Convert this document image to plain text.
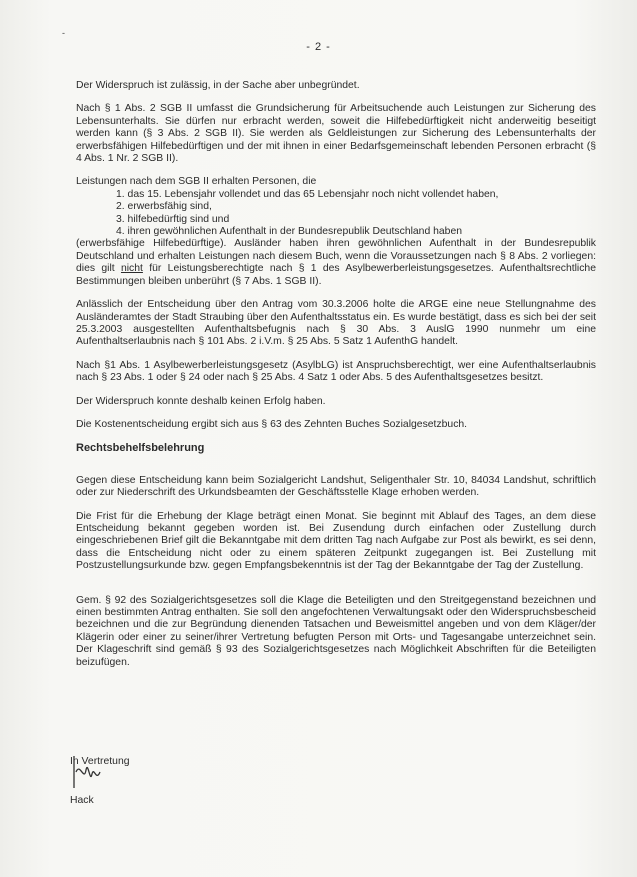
-
- 2 -

Der Widerspruch ist zulässig, in der Sache aber unbegründet.

Nach § 1 Abs. 2 SGB II umfasst die Grundsicherung für Arbeitsuchende auch Leistungen zur Sicherung des Lebensunterhalts. Sie dürfen nur erbracht werden, soweit die Hilfebedürftigkeit nicht anderweitig beseitigt werden kann (§ 3 Abs. 2 SGB II). Sie werden als Geldleistungen zur Sicherung des Lebensunterhalts der erwerbsfähigen Hilfebedürftigen und der mit ihnen in einer Bedarfsgemeinschaft lebenden Personen erbracht (§ 4 Abs. 1 Nr. 2 SGB II).

Leistungen nach dem SGB II erhalten Personen, die
1. das 15. Lebensjahr vollendet und das 65 Lebensjahr noch nicht vollendet haben,
2. erwerbsfähig sind,
3. hilfebedürftig sind und
4. ihren gewöhnlichen Aufenthalt in der Bundesrepublik Deutschland haben

(erwerbsfähige Hilfebedürftige). Ausländer haben ihren gewöhnlichen Aufenthalt in der Bundesrepublik Deutschland und erhalten Leistungen nach diesem Buch, wenn die Voraussetzungen nach § 8 Abs. 2 vorliegen: dies gilt nicht für Leistungsberechtigte nach § 1 des Asylbewerberleistungsgesetzes. Aufenthaltsrechtliche Bestimmungen bleiben unberührt (§ 7 Abs. 1 SGB II).

Anlässlich der Entscheidung über den Antrag vom 30.3.2006 holte die ARGE eine neue Stellungnahme des Ausländeramtes der Stadt Straubing über den Aufenthaltsstatus ein. Es wurde bestätigt, dass es sich bei der seit 25.3.2003 ausgestellten Aufenthaltsbefugnis nach § 30 Abs. 3 AuslG 1990 nunmehr um eine Aufenthaltserlaubnis nach § 101 Abs. 2 i.V.m. § 25 Abs. 5 Satz 1 AufenthG handelt.

Nach §1 Abs. 1 Asylbewerberleistungsgesetz (AsylbLG) ist Anspruchsberechtigt, wer eine Aufenthaltserlaubnis nach § 23 Abs. 1 oder § 24 oder nach § 25 Abs. 4 Satz 1 oder Abs. 5 des Aufenthaltsgesetzes besitzt.

Der Widerspruch konnte deshalb keinen Erfolg haben.

Die Kostenentscheidung ergibt sich aus § 63 des Zehnten Buches Sozialgesetzbuch.

Rechtsbehelfsbelehrung

Gegen diese Entscheidung kann beim Sozialgericht Landshut, Seligenthaler Str. 10, 84034 Landshut, schriftlich oder zur Niederschrift des Urkundsbeamten der Geschäftsstelle Klage erhoben werden.

Die Frist für die Erhebung der Klage beträgt einen Monat. Sie beginnt mit Ablauf des Tages, an dem diese Entscheidung bekannt gegeben worden ist. Bei Zusendung durch einfachen oder Zustellung durch eingeschriebenen Brief gilt die Bekanntgabe mit dem dritten Tag nach Aufgabe zur Post als bewirkt, es sei denn, dass die Entscheidung nicht oder zu einem späteren Zeitpunkt zugegangen ist. Bei Zustellung mit Postzustellungsurkunde bzw. gegen Empfangsbekenntnis ist der Tag der Bekanntgabe der Tag der Zustellung.

Gem. § 92 des Sozialgerichtsgesetzes soll die Klage die Beteiligten und den Streitgegenstand bezeichnen und einen bestimmten Antrag enthalten. Sie soll den angefochtenen Verwaltungsakt oder den Widerspruchsbescheid bezeichnen und die zur Begründung dienenden Tatsachen und Beweismittel angeben und von dem Kläger/der Klägerin oder einer zu seiner/ihrer Vertretung befugten Person mit Orts- und Tagesangabe unterzeichnet sein. Der Klageschrift sind gemäß § 93 des Sozialgerichtsgesetzes nach Möglichkeit Abschriften für die Beteiligten beizufügen.

In Vertretung
Hack
